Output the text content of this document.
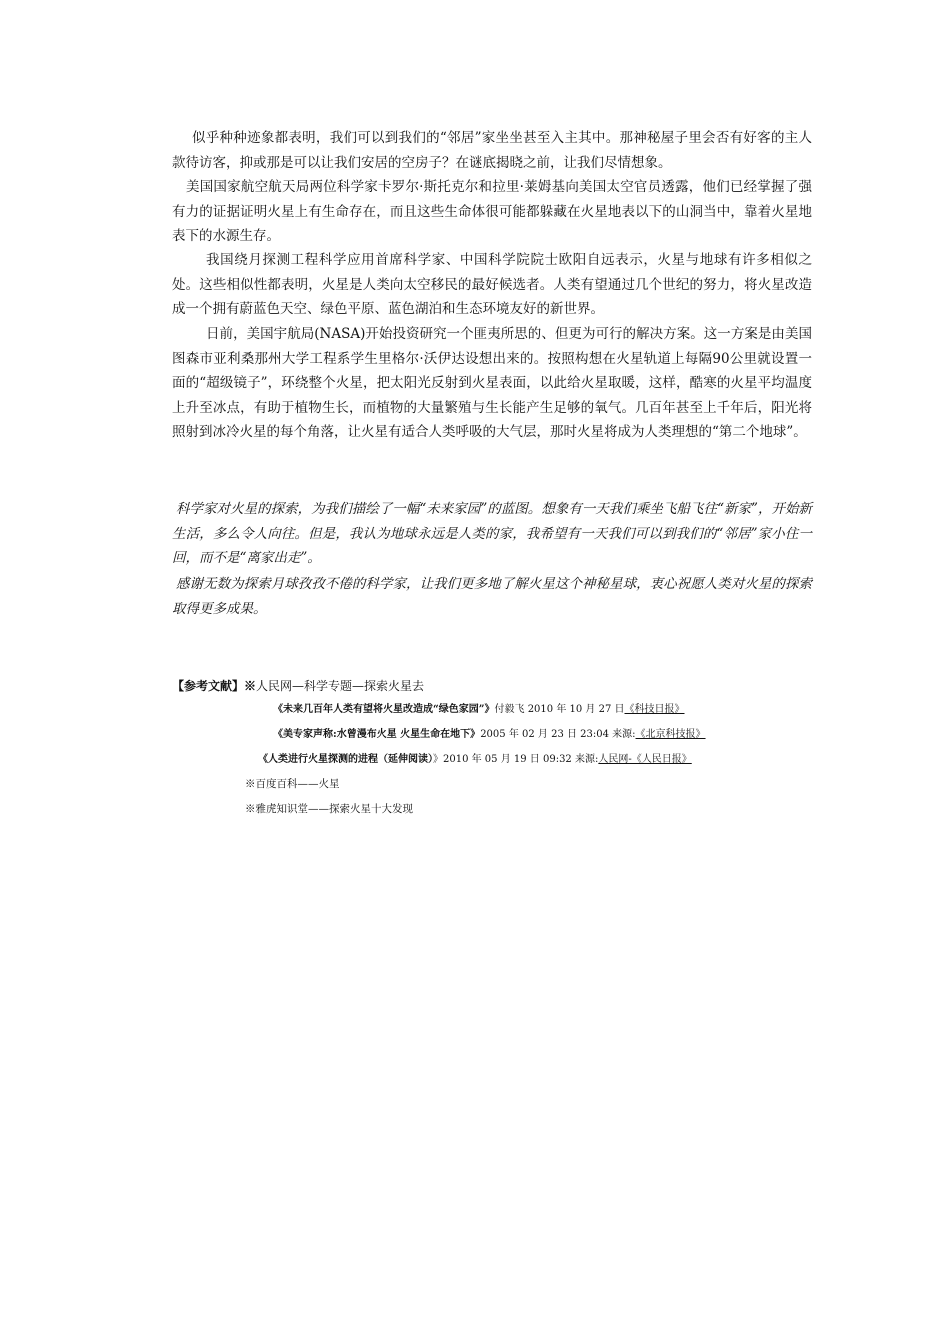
似乎种种迹象都表明，我们可以到我们的“邻居”家坐坐甚至入主其中。那神秘屋子里会否有好客的主人款待访客，抑或那是可以让我们安居的空房子？在谜底揭晓之前，让我们尽情想象。

美国国家航空航天局两位科学家卡罗尔·斯托克尔和拉里·莱姆基向美国太空官员透露，他们已经掌握了强有力的证据证明火星上有生命存在，而且这些生命体很可能都躲藏在火星地表以下的山洞当中，靠着火星地表下的水源生存。

我国绕月探测工程科学应用首席科学家、中国科学院院士欧阳自远表示，火星与地球有许多相似之处。这些相似性都表明，火星是人类向太空移民的最好候选者。人类有望通过几个世纪的努力，将火星改造成一个拥有蔚蓝色天空、绿色平原、蓝色湖泊和生态环境友好的新世界。

日前，美国宇航局(NASA)开始投资研究一个匪夷所思的、但更为可行的解决方案。这一方案是由美国图森市亚利桑那州大学工程系学生里格尔·沃伊达设想出来的。按照构想在火星轨道上每隔90公里就设置一面的“超级镜子”，环绕整个火星，把太阳光反射到火星表面，以此给火星取暖，这样，酷寒的火星平均温度上升至冰点，有助于植物生长，而植物的大量繁殖与生长能产生足够的氧气。几百年甚至上千年后，阳光将照射到冰冷火星的每个角落，让火星有适合人类呼吸的大气层，那时火星将成为人类理想的“第二个地球”。

科学家对火星的探索，为我们描绘了一幅“未来家园”的蓝图。想象有一天我们乘坐飞船飞往“新家”，开始新生活，多么令人向往。但是，我认为地球永远是人类的家，我希望有一天我们可以到我们的“邻居”家小住一回，而不是“离家出走”。

感谢无数为探索月球孜孜不倦的科学家，让我们更多地了解火星这个神秘星球，衷心祝愿人类对火星的探索取得更多成果。

【参考文献】※人民网—科学专题—探索火星去
《未来几百年人类有望将火星改造成“绿色家园”》付毅飞 2010 年 10 月 27 日《科技日报》
《美专家声称:水曾漫布火星 火星生命在地下》2005 年 02 月 23 日 23:04 来源:《北京科技报》
《人类进行火星探测的进程（延伸阅读）》2010 年 05 月 19 日 09:32 来源:人民网-《人民日报》
※百度百科——火星
※雅虎知识堂——探索火星十大发现
